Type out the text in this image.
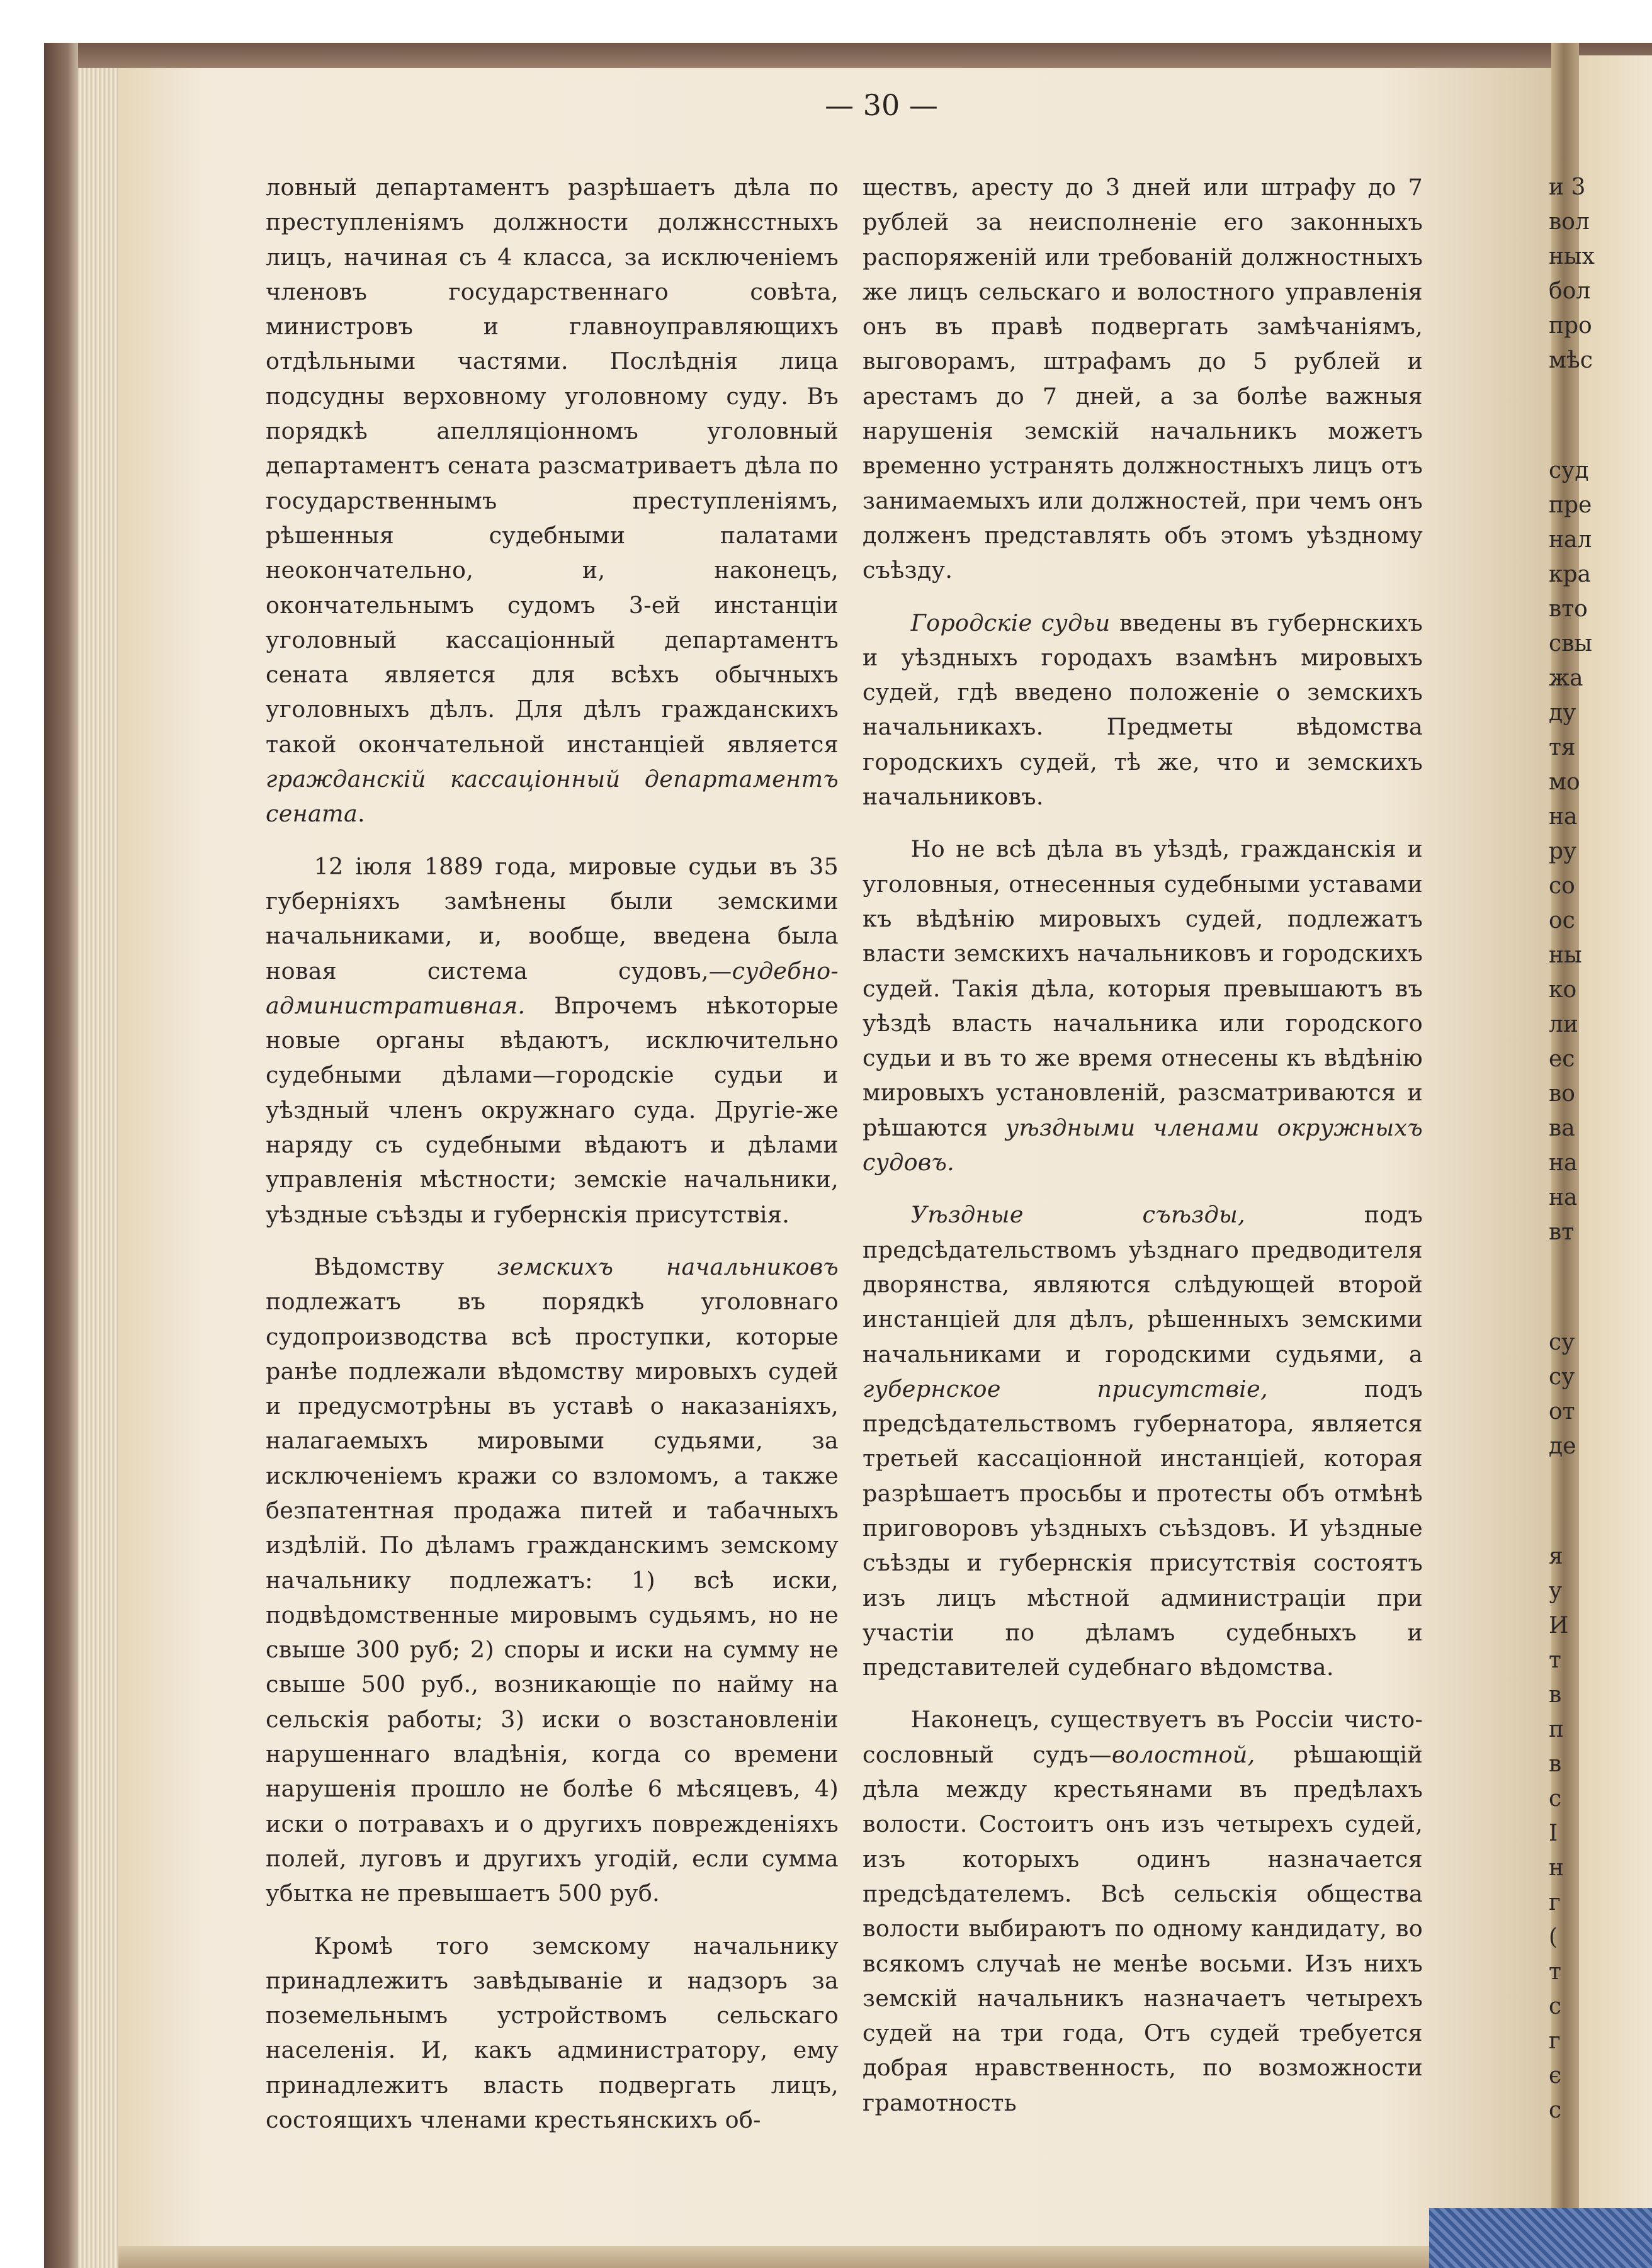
— 30 —

ловный департаментъ разрѣшаетъ дѣла по преступленіямъ должности должнсстныхъ лицъ, начиная съ 4 класса, за исключеніемъ членовъ государственнаго совѣта, министровъ и главноуправляющихъ отдѣльными частями. Послѣднія лица подсудны верховному уголовному суду. Въ порядкѣ апелляціонномъ уголовный департаментъ сената разсматриваетъ дѣла по государственнымъ преступленіямъ, рѣшенныя судебными палатами неокончательно, и, наконецъ, окончательнымъ судомъ 3-ей инстанціи уголовный кассаціонный департаментъ сената является для всѣхъ обычныхъ уголовныхъ дѣлъ. Для дѣлъ гражданскихъ такой окончательной инстанціей является гражданскій кассаціонный департаментъ сената.

12 іюля 1889 года, мировые судьи въ 35 губерніяхъ замѣнены были земскими начальниками, и, вообще, введена была новая система судовъ,—судебно-административная. Впрочемъ нѣкоторые новые органы вѣдаютъ, исключительно судебными дѣлами—городскіе судьи и уѣздный членъ окружнаго суда. Другіе-же наряду съ судебными вѣдаютъ и дѣлами управленія мѣстности; земскіе начальники, уѣздные съѣзды и губернскія присутствія.

Вѣдомству земскихъ начальниковъ подлежатъ въ порядкѣ уголовнаго судопроизводства всѣ проступки, которые ранѣе подлежали вѣдомству мировыхъ судей и предусмотрѣны въ уставѣ о наказаніяхъ, налагаемыхъ мировыми судьями, за исключеніемъ кражи со взломомъ, а также безпатентная продажа питей и табачныхъ издѣлій. По дѣламъ гражданскимъ земскому начальнику подлежатъ: 1) всѣ иски, подвѣдомственные мировымъ судьямъ, но не свыше 300 руб; 2) споры и иски на сумму не свыше 500 руб., возникающіе по найму на сельскія работы; 3) иски о возстановленіи нарушеннаго владѣнія, когда со времени нарушенія прошло не болѣе 6 мѣсяцевъ, 4) иски о потравахъ и о другихъ повреждeніяхъ полей, луговъ и другихъ угодій, если сумма убытка не превышаетъ 500 руб.

Кромѣ того земскому начальнику принадлежитъ завѣдываніе и надзоръ за поземельнымъ устройствомъ сельскаго населенія. И, какъ администратору, ему принадлежитъ власть подвергать лицъ, состоящихъ членами крестьянскихъ об-

ществъ, аресту до 3 дней или штрафу до 7 рублей за неисполненіе его законныхъ распоряженій или требованій должностныхъ же лицъ сельскаго и волостного управленія онъ въ правѣ подвергать замѣчаніямъ, выговорамъ, штрафамъ до 5 рублей и арестамъ до 7 дней, а за болѣе важныя нарушенія земскій начальникъ можетъ временно устранять должностныхъ лицъ отъ занимаемыхъ или должностей, при чемъ онъ долженъ представлять объ этомъ уѣздному съѣзду.

Городскіе судьи введены въ губернскихъ и уѣздныхъ городахъ взамѣнъ мировыхъ судей, гдѣ введено положеніе о земскихъ начальникахъ. Предметы вѣдомства городскихъ судей, тѣ же, что и земскихъ начальниковъ.

Но не всѣ дѣла въ уѣздѣ, гражданскія и уголовныя, отнесенныя судебными уставами къ вѣдѣнію мировыхъ судей, подлежатъ власти земскихъ начальниковъ и городскихъ судей. Такія дѣла, которыя превышаютъ въ уѣздѣ власть начальника или городского судьи и въ то же время отнесены къ вѣдѣнію мировыхъ установленій, разсматриваются и рѣшаются уѣздными членами окружныхъ судовъ.

Уѣздные съѣзды, подъ предсѣдательствомъ уѣзднаго предводителя дворянства, являются слѣдующей второй инстанціей для дѣлъ, рѣшенныхъ земскими начальниками и городскими судьями, а губернское присутствіе, подъ предсѣдательствомъ губернатора, является третьей кассаціонной инстанціей, которая разрѣшаетъ просьбы и протесты объ отмѣнѣ приговоровъ уѣздныхъ съѣздовъ. И уѣздные съѣзды и губернскія присутствія состоятъ изъ лицъ мѣстной администраціи при участіи по дѣламъ судебныхъ и представителей судебнаго вѣдомства.

Наконецъ, существуетъ въ Россіи чисто-сословный судъ—волостной, рѣшающій дѣла между крестьянами въ предѣлахъ волости. Состоитъ онъ изъ четырехъ судей, изъ которыхъ одинъ назначается предсѣдателемъ. Всѣ сельскія общества волости выбираютъ по одному кандидату, во всякомъ случаѣ не менѣе восьми. Изъ нихъ земскій начальникъ назначаетъ четырехъ судей на три года, Отъ судей требуется добрая нравственность, по возможности грамотность

и 3
вол
ных
бол
про
мѣс
суд
пре
нал
кра
вто
свы
жа
ду
тя
мо
на
ру
со
ос
ны
ко
ли
ес
во
ва
на
на
вт
су
су
от
де
я
у
И
т
в
п
в
с
І
н
г
(
т
с
г
є
с
